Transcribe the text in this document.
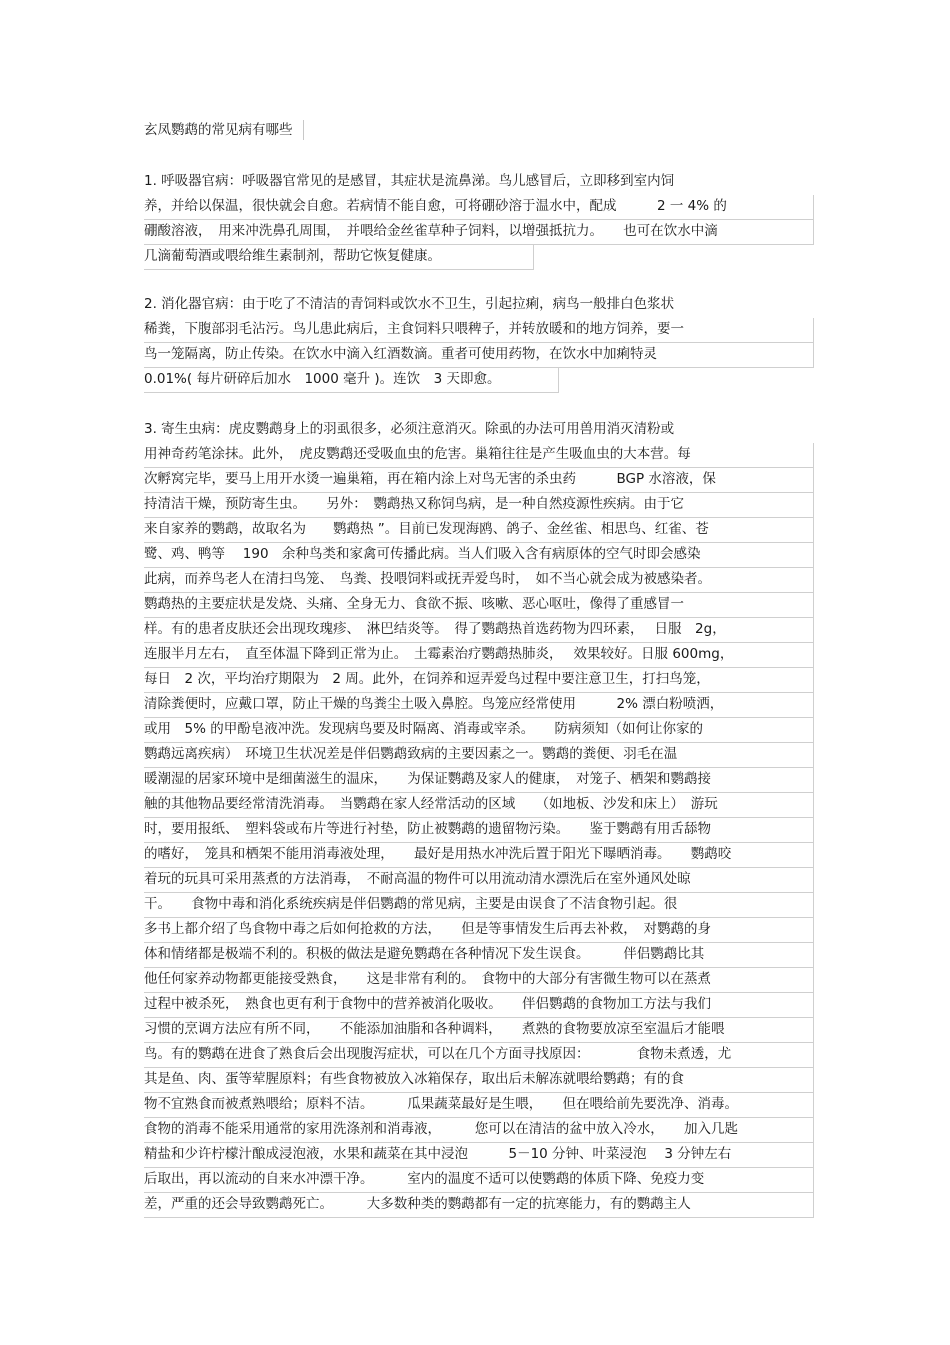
玄凤鹦鹉的常见病有哪些
1. 呼吸器官病：呼吸器官常见的是感冒，其症状是流鼻涕。鸟儿感冒后，立即移到室内饲
养，并给以保温，很快就会自愈。若病情不能自愈，可将硼砂溶于温水中，配成　　　2 一 4% 的
硼酸溶液，　用来冲洗鼻孔周围，　并喂给金丝雀草种子饲料，以增强抵抗力。　　也可在饮水中滴
几滴葡萄酒或喂给维生素制剂，帮助它恢复健康。
2. 消化器官病：由于吃了不清洁的青饲料或饮水不卫生，引起拉痢，病鸟一般排白色浆状
稀粪，下腹部羽毛沾污。鸟儿患此病后，主食饲料只喂稗子，并转放暖和的地方饲养，要一
鸟一笼隔离，防止传染。在饮水中滴入红酒数滴。重者可使用药物，在饮水中加痢特灵
0.01%( 每片研碎后加水　1000 毫升 )。连饮　3 天即愈。
3. 寄生虫病：虎皮鹦鹉身上的羽虱很多，必须注意消灭。除虱的办法可用兽用消灭清粉或
用神奇药笔涂抹。此外，　虎皮鹦鹉还受吸血虫的危害。巢箱往往是产生吸血虫的大本营。每
次孵窝完毕，要马上用开水烫一遍巢箱，再在箱内涂上对鸟无害的杀虫药　　　BGP 水溶液，保
持清洁干燥，预防寄生虫。　　另外：　鹦鹉热又称饲鸟病，是一种自然疫源性疾病。由于它
来自家养的鹦鹉，故取名为　　鹦鹉热 ”。目前已发现海鸥、鸽子、金丝雀、相思鸟、红雀、苍
鹭、鸡、鸭等　 190　余种鸟类和家禽可传播此病。当人们吸入含有病原体的空气时即会感染
此病，而养鸟老人在清扫鸟笼、　鸟粪、投喂饲料或抚弄爱鸟时，　如不当心就会成为被感染者。
鹦鹉热的主要症状是发烧、头痛、全身无力、食欲不振、咳嗽、恶心呕吐，像得了重感冒一
样。有的患者皮肤还会出现玫瑰疹、　淋巴结炎等。　得了鹦鹉热首选药物为四环素，　 日服　2g，
连服半月左右，　直至体温下降到正常为止。　土霉素治疗鹦鹉热肺炎，　 效果较好。日服 600mg，
每日　2 次，平均治疗期限为　2 周。此外，在饲养和逗弄爱鸟过程中要注意卫生，打扫鸟笼，
清除粪便时，应戴口罩，防止干燥的鸟粪尘土吸入鼻腔。鸟笼应经常使用　　　2% 漂白粉喷洒，
或用　5% 的甲酚皂液冲洗。发现病鸟要及时隔离、消毒或宰杀。　　防病须知（如何让你家的
鹦鹉远离疾病）　环境卫生状况差是伴侣鹦鹉致病的主要因素之一。鹦鹉的粪便、羽毛在温
暖潮湿的居家环境中是细菌滋生的温床，　　为保证鹦鹉及家人的健康，　对笼子、栖架和鹦鹉接
触的其他物品要经常清洗消毒。　当鹦鹉在家人经常活动的区域　　（如地板、沙发和床上）　游玩
时，要用报纸、　塑料袋或布片等进行衬垫，防止被鹦鹉的遗留物污染。　　鉴于鹦鹉有用舌舔物
的嗜好，　笼具和栖架不能用消毒液处理，　　最好是用热水冲洗后置于阳光下曝晒消毒。　　鹦鹉咬
着玩的玩具可采用蒸煮的方法消毒，　不耐高温的物件可以用流动清水漂洗后在室外通风处晾
干。　　食物中毒和消化系统疾病是伴侣鹦鹉的常见病，主要是由误食了不洁食物引起。很
多书上都介绍了鸟食物中毒之后如何抢救的方法，　　但是等事情发生后再去补救，　对鹦鹉的身
体和情绪都是极端不利的。积极的做法是避免鹦鹉在各种情况下发生误食。　　　伴侣鹦鹉比其
他任何家养动物都更能接受熟食，　　这是非常有利的。　食物中的大部分有害微生物可以在蒸煮
过程中被杀死，　熟食也更有利于食物中的营养被消化吸收。　　伴侣鹦鹉的食物加工方法与我们
习惯的烹调方法应有所不同，　　不能添加油脂和各种调料，　　煮熟的食物要放凉至室温后才能喂
鸟。有的鹦鹉在进食了熟食后会出现腹泻症状，可以在几个方面寻找原因：　　　　食物未煮透，尤
其是鱼、肉、蛋等荤腥原料；有些食物被放入冰箱保存，取出后未解冻就喂给鹦鹉；有的食
物不宜熟食而被煮熟喂给；原料不洁。　　　瓜果蔬菜最好是生喂，　　但在喂给前先要洗净、消毒。
食物的消毒不能采用通常的家用洗涤剂和消毒液，　　　您可以在清洁的盆中放入冷水，　　加入几匙
精盐和少许柠檬汁酿成浸泡液，水果和蔬菜在其中浸泡　　　5－10 分钟、叶菜浸泡　 3 分钟左右
后取出，再以流动的自来水冲漂干净。　　　室内的温度不适可以使鹦鹉的体质下降、免疫力变
差，严重的还会导致鹦鹉死亡。　　　大多数种类的鹦鹉都有一定的抗寒能力，有的鹦鹉主人
